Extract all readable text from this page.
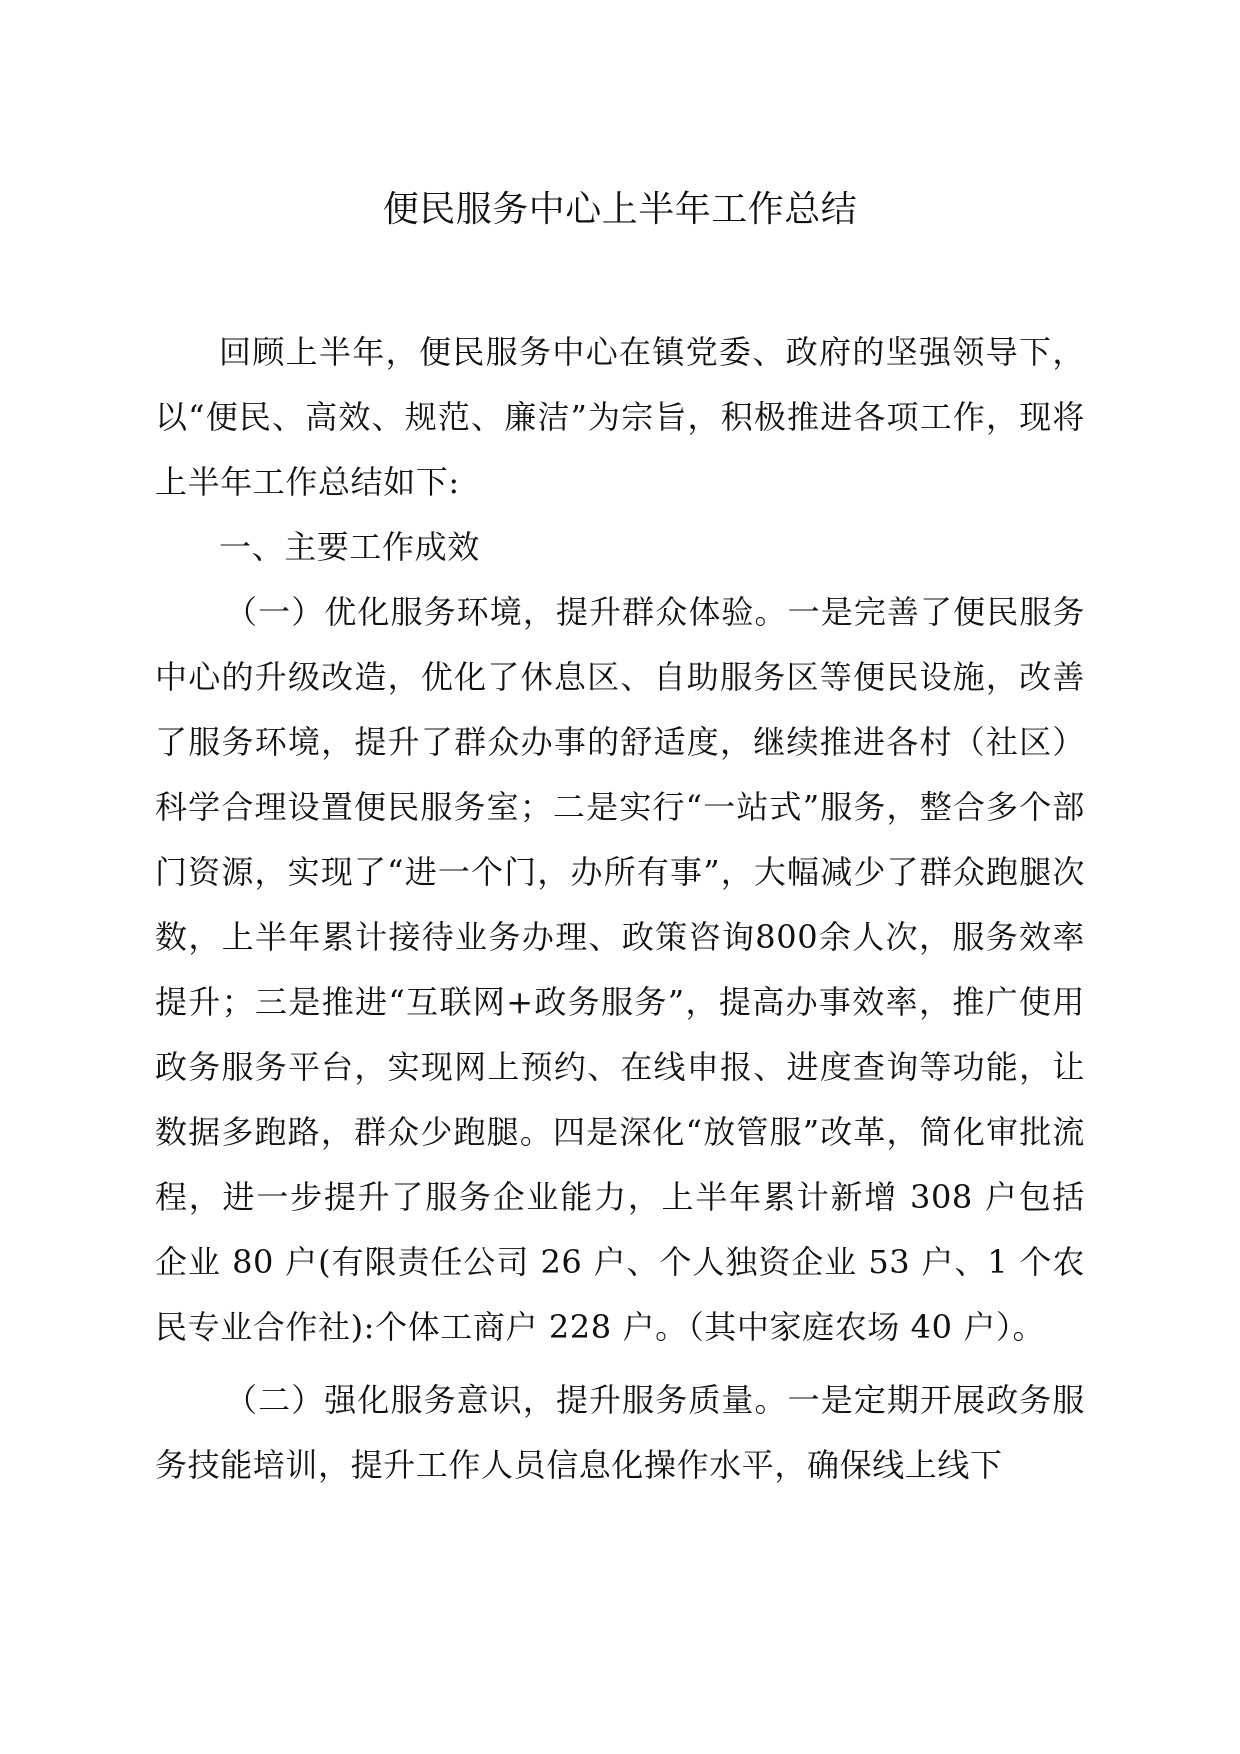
便民服务中心上半年工作总结

回顾上半年，便民服务中心在镇党委、政府的坚强领导下，以“便民、高效、规范、廉洁”为宗旨，积极推进各项工作，现将上半年工作总结如下:

一、主要工作成效

（一）优化服务环境，提升群众体验。一是完善了便民服务中心的升级改造，优化了休息区、自助服务区等便民设施，改善了服务环境，提升了群众办事的舒适度，继续推进各村（社区）科学合理设置便民服务室；二是实行“一站式”服务，整合多个部门资源，实现了“进一个门，办所有事”，大幅减少了群众跑腿次数，上半年累计接待业务办理、政策咨询800余人次，服务效率提升；三是推进“互联网+政务服务”，提高办事效率，推广使用政务服务平台，实现网上预约、在线申报、进度查询等功能，让数据多跑路，群众少跑腿。四是深化“放管服”改革，简化审批流程，进一步提升了服务企业能力，上半年累计新增 308 户包括企业 80 户(有限责任公司 26 户、个人独资企业 53 户、1 个农民专业合作社):个体工商户 228 户。（其中家庭农场 40 户）。

（二）强化服务意识，提升服务质量。一是定期开展政务服务技能培训，提升工作人员信息化操作水平，确保线上线下
